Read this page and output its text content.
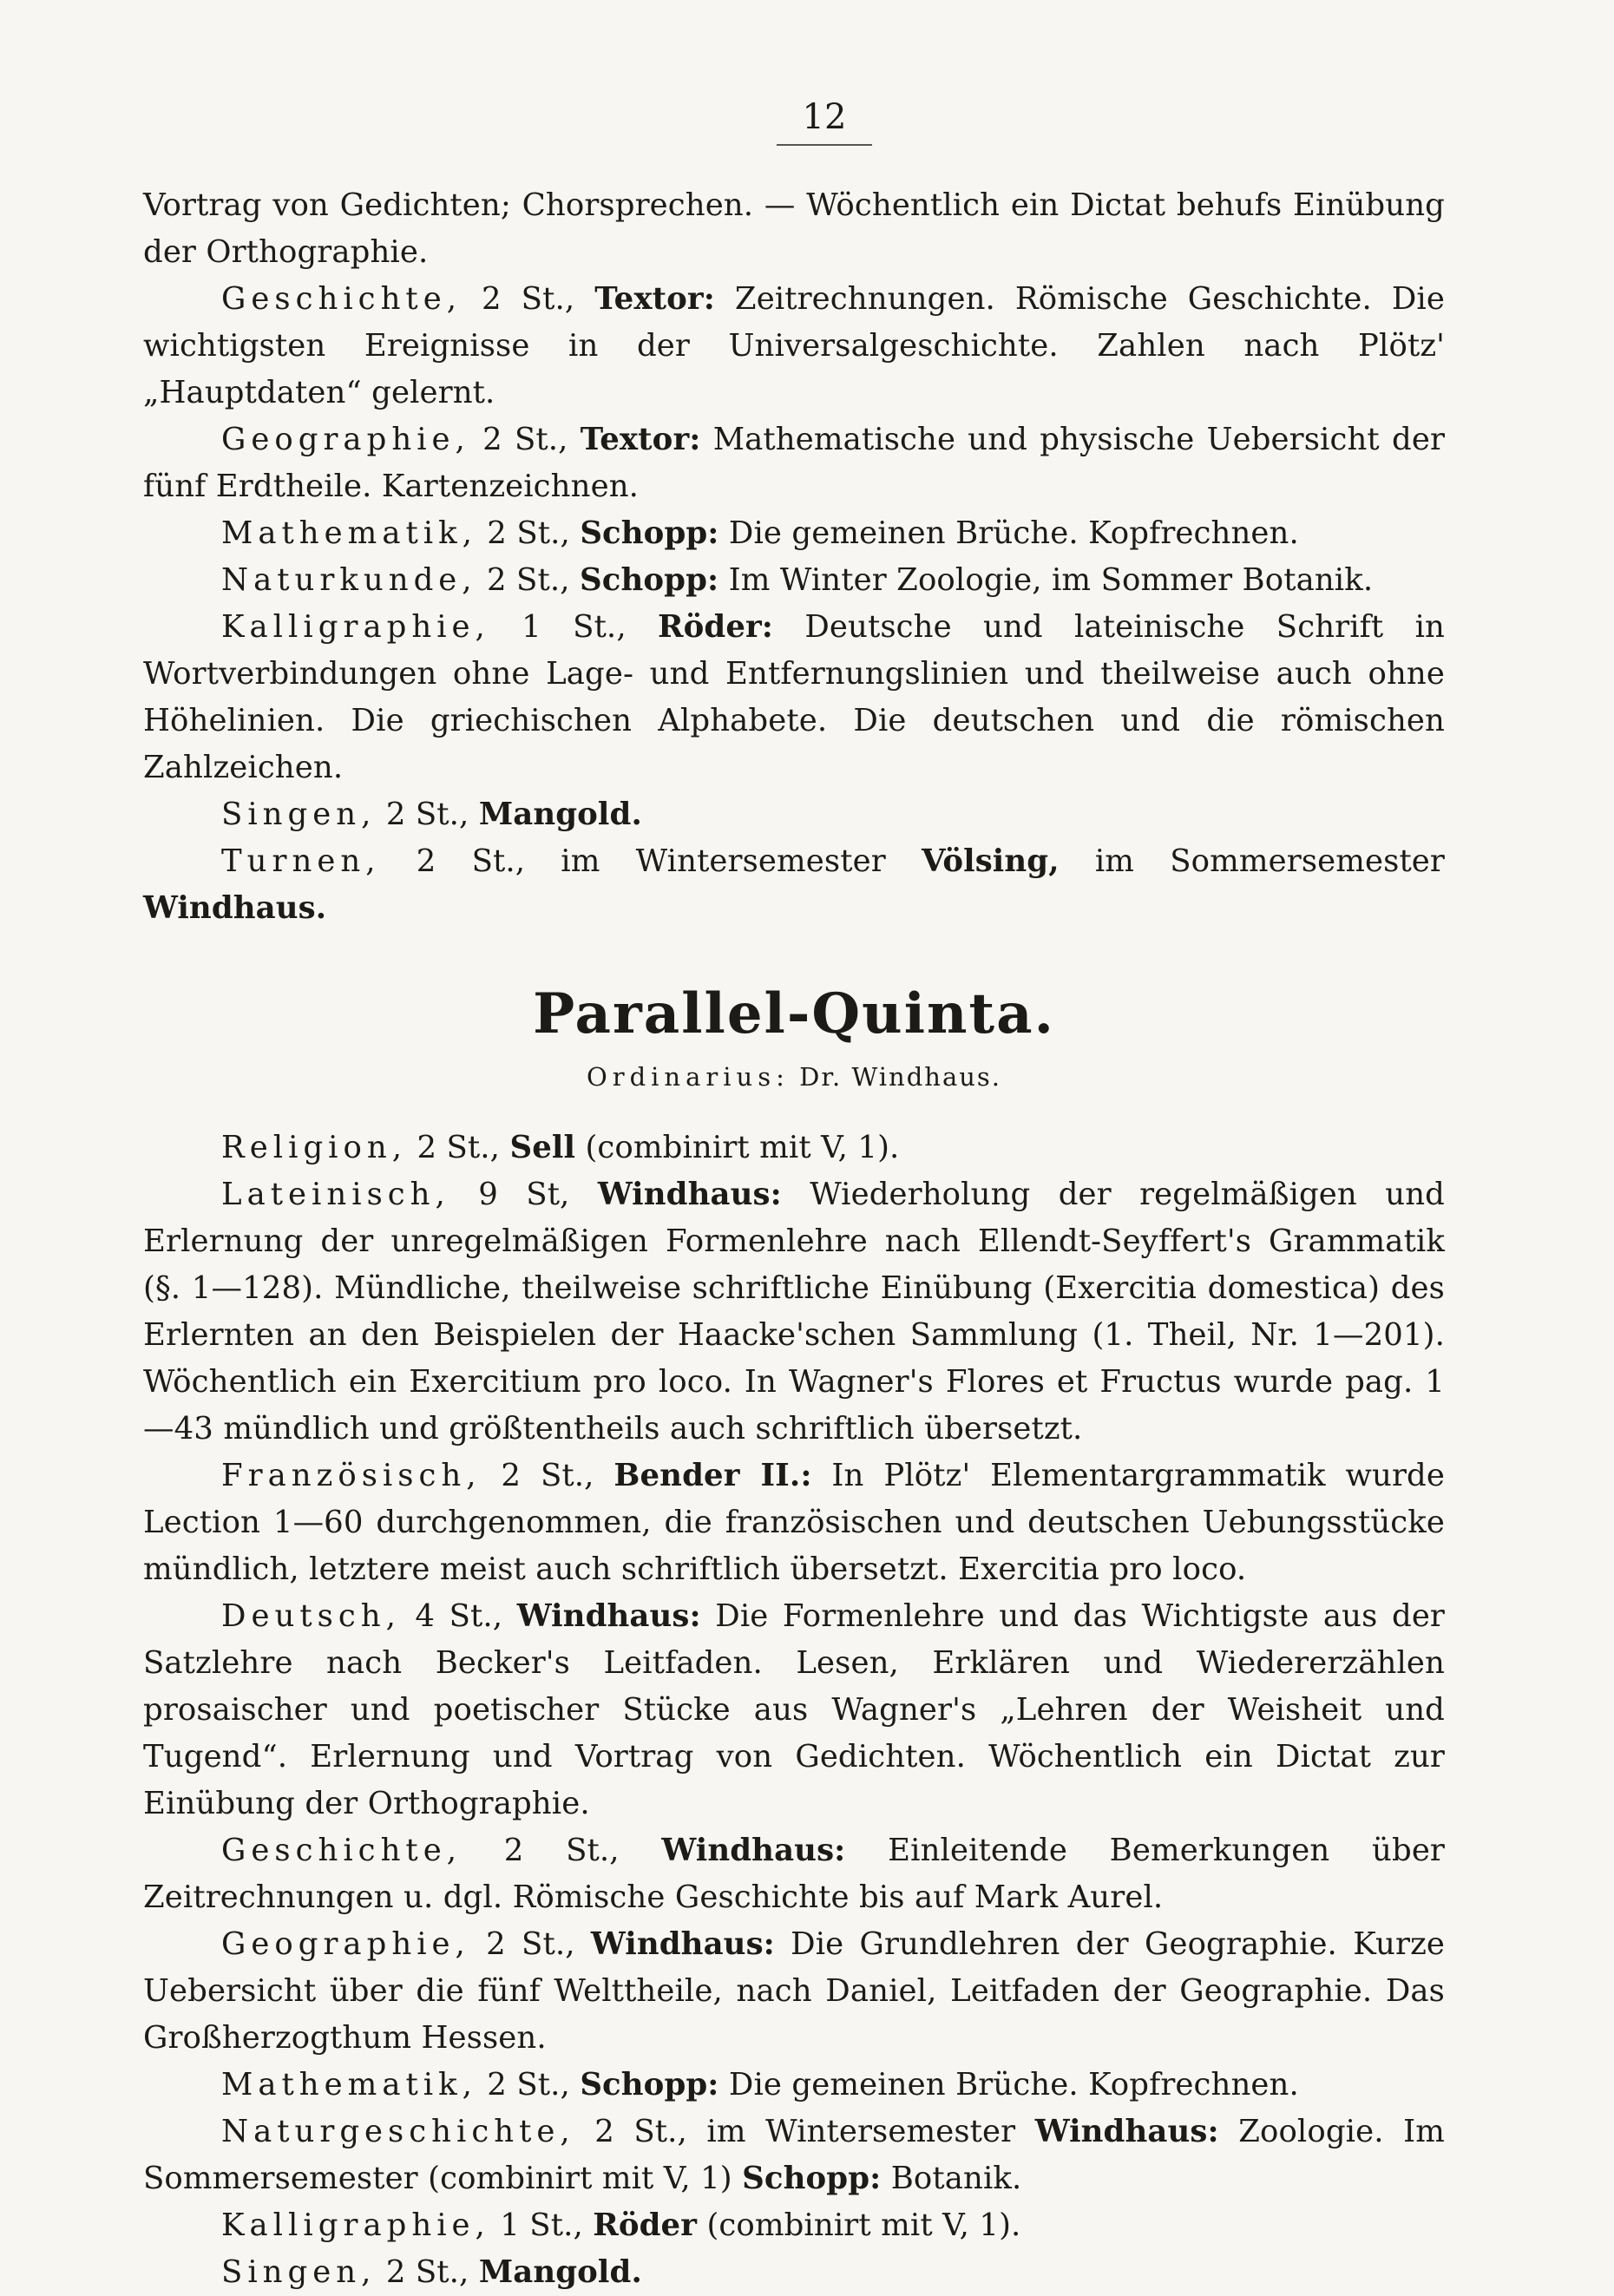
12

Vortrag von Gedichten; Chorsprechen. — Wöchentlich ein Dictat behufs Einübung der Orthographie.

Geschichte, 2 St., Textor: Zeitrechnungen. Römische Geschichte. Die wichtigsten Ereignisse in der Universalgeschichte. Zahlen nach Plötz' „Hauptdaten“ gelernt.

Geographie, 2 St., Textor: Mathematische und physische Uebersicht der fünf Erdtheile. Kartenzeichnen.

Mathematik, 2 St., Schopp: Die gemeinen Brüche. Kopfrechnen.

Naturkunde, 2 St., Schopp: Im Winter Zoologie, im Sommer Botanik.

Kalligraphie, 1 St., Röder: Deutsche und lateinische Schrift in Wortverbindungen ohne Lage- und Entfernungslinien und theilweise auch ohne Höhelinien. Die griechischen Alphabete. Die deutschen und die römischen Zahlzeichen.

Singen, 2 St., Mangold.

Turnen, 2 St., im Wintersemester Völsing, im Sommersemester Windhaus.

Parallel-Quinta.
Ordinarius: Dr. Windhaus.

Religion, 2 St., Sell (combinirt mit V, 1).

Lateinisch, 9 St, Windhaus: Wiederholung der regelmäßigen und Erlernung der unregelmäßigen Formenlehre nach Ellendt-Seyffert's Grammatik (§. 1—128). Mündliche, theilweise schriftliche Einübung (Exercitia domestica) des Erlernten an den Beispielen der Haacke'schen Sammlung (1. Theil, Nr. 1—201). Wöchentlich ein Exercitium pro loco. In Wagner's Flores et Fructus wurde pag. 1—43 mündlich und größtentheils auch schriftlich übersetzt.

Französisch, 2 St., Bender II.: In Plötz' Elementargrammatik wurde Lection 1—60 durchgenommen, die französischen und deutschen Uebungsstücke mündlich, letztere meist auch schriftlich übersetzt. Exercitia pro loco.

Deutsch, 4 St., Windhaus: Die Formenlehre und das Wichtigste aus der Satzlehre nach Becker's Leitfaden. Lesen, Erklären und Wiedererzählen prosaischer und poetischer Stücke aus Wagner's „Lehren der Weisheit und Tugend“. Erlernung und Vortrag von Gedichten. Wöchentlich ein Dictat zur Einübung der Orthographie.

Geschichte, 2 St., Windhaus: Einleitende Bemerkungen über Zeitrechnungen u. dgl. Römische Geschichte bis auf Mark Aurel.

Geographie, 2 St., Windhaus: Die Grundlehren der Geographie. Kurze Uebersicht über die fünf Welttheile, nach Daniel, Leitfaden der Geographie. Das Großherzogthum Hessen.

Mathematik, 2 St., Schopp: Die gemeinen Brüche. Kopfrechnen.

Naturgeschichte, 2 St., im Wintersemester Windhaus: Zoologie. Im Sommersemester (combinirt mit V, 1) Schopp: Botanik.

Kalligraphie, 1 St., Röder (combinirt mit V, 1).

Singen, 2 St., Mangold.
